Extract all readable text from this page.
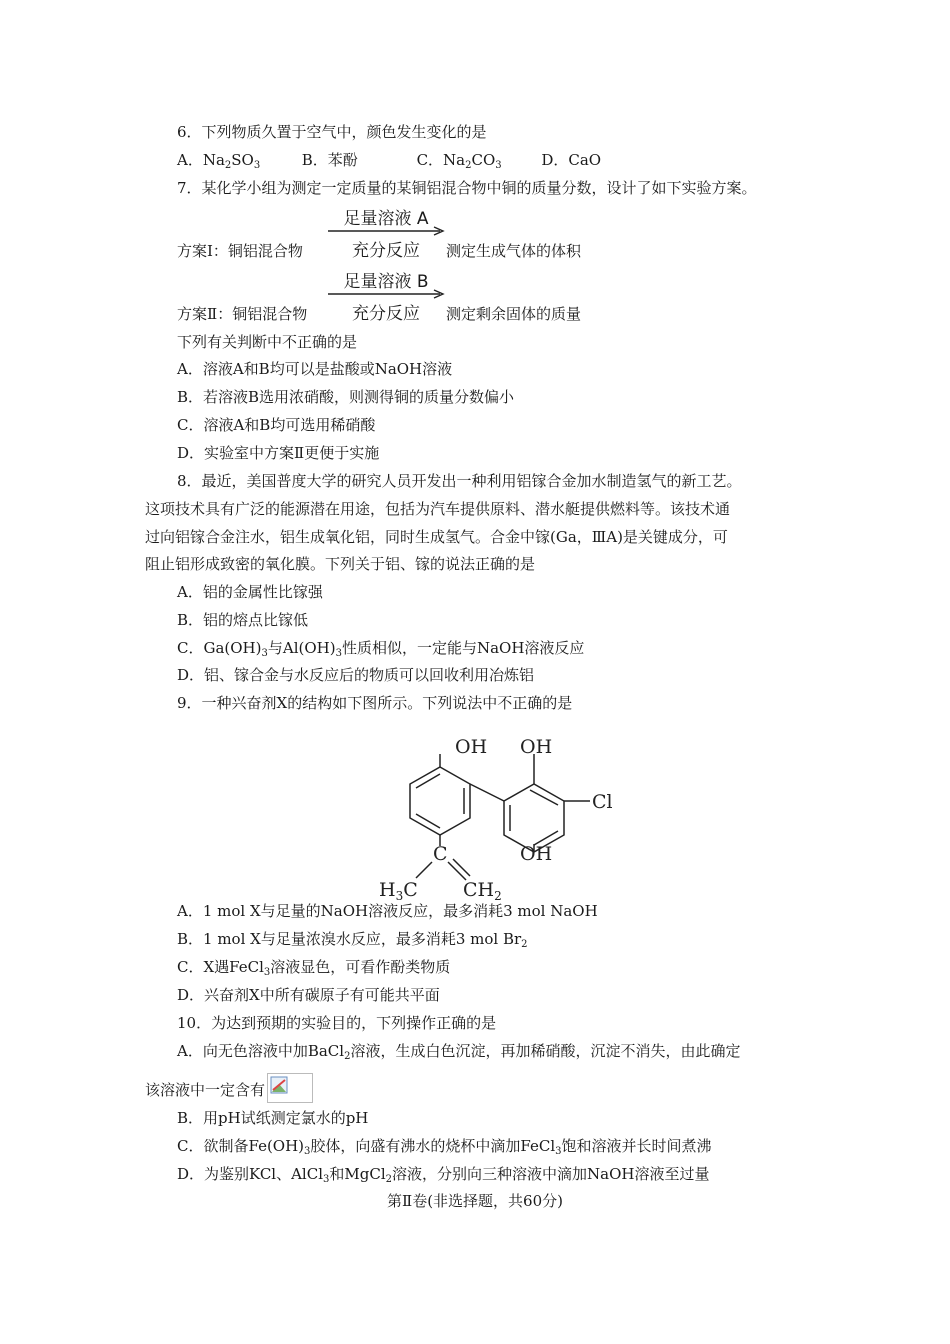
6．下列物质久置于空气中，颜色发生变化的是
A．$Na_2SO_3$	B．苯酚	C．$Na_2CO_3$	D．CaO
7．某化学小组为测定一定质量的某铜铝混合物中铜的质量分数，设计了如下实验方案。
方案Ⅰ：铜铝混合物
足量溶液 A
充分反应	测定生成气体的体积
方案Ⅱ：铜铝混合物
足量溶液 B
充分反应	测定剩余固体的质量
下列有关判断中不正确的是
A．溶液A和B均可以是盐酸或NaOH溶液
B．若溶液B选用浓硝酸，则测得铜的质量分数偏小
C．溶液A和B均可选用稀硝酸
D．实验室中方案Ⅱ更便于实施
8．最近，美国普度大学的研究人员开发出一种利用铝镓合金加水制造氢气的新工艺。
这项技术具有广泛的能源潜在用途，包括为汽车提供原料、潜水艇提供燃料等。该技术通
过向铝镓合金注水，铝生成氧化铝，同时生成氢气。合金中镓(Ga，ⅢA)是关键成分，可
阻止铝形成致密的氧化膜。下列关于铝、镓的说法正确的是
A．铝的金属性比镓强
B．铝的熔点比镓低
C．$Ga(OH)_3$与$Al(OH)_3$性质相似，一定能与NaOH溶液反应
D．铝、镓合金与水反应后的物质可以回收利用冶炼铝
9．一种兴奋剂X的结构如下图所示。下列说法中不正确的是
OH OH
Cl
OH
C
$H_3C$ $CH_2$
A．1 mol X与足量的NaOH溶液反应，最多消耗3 mol NaOH
B．1 mol X与足量浓溴水反应，最多消耗3 mol $Br_2$
C．X遇FeCl$_3$溶液显色，可看作酚类物质
D．兴奋剂X中所有碳原子有可能共平面
10．为达到预期的实验目的，下列操作正确的是
A．向无色溶液中加BaCl$_2$溶液，生成白色沉淀，再加稀硝酸，沉淀不消失，由此确定
该溶液中一定含有
B．用pH试纸测定氯水的pH
C．欲制备$Fe(OH)_3$胶体，向盛有沸水的烧杯中滴加FeCl$_3$饱和溶液并长时间煮沸
D．为鉴别KCl、AlCl$_3$和MgCl$_2$溶液，分别向三种溶液中滴加NaOH溶液至过量
第Ⅱ卷(非选择题，共60分)
